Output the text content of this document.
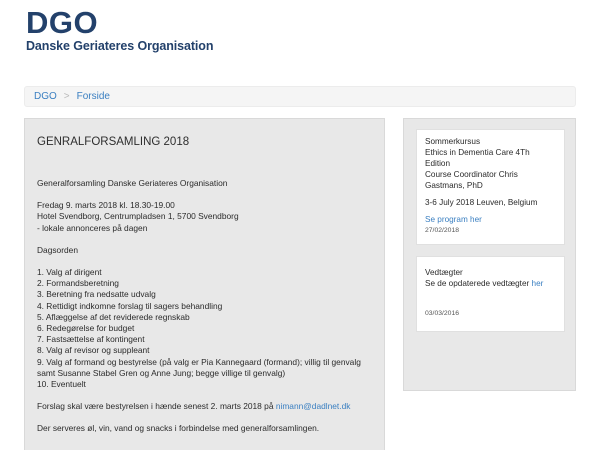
DGO
Danske Geriateres Organisation
DGO > Forside
GENRALFORSAMLING 2018

Generalforsamling Danske Geriateres Organisation

Fredag 9. marts 2018 kl. 18.30-19.00
Hotel Svendborg, Centrumpladsen 1, 5700 Svendborg
- lokale annonceres på dagen

Dagsorden

1. Valg af dirigent
2. Formandsberetning
3. Beretning fra nedsatte udvalg
4. Rettidigt indkomne forslag til sagers behandling
5. Aflæggelse af det reviderede regnskab
6. Redegørelse for budget
7. Fastsættelse af kontingent
8. Valg af revisor og suppleant
9. Valg af formand og bestyrelse (på valg er Pia Kannegaard (formand); villig til genvalg samt Susanne Stabel Gren og Anne Jung; begge villige til genvalg)
10. Eventuelt

Forslag skal være bestyrelsen i hænde senest 2. marts 2018 på nimann@dadlnet.dk

Der serveres øl, vin, vand og snacks i forbindelse med generalforsamlingen.

Sommerkursus
Ethics in Dementia Care 4Th Edition
Course Coordinator Chris Gastmans, PhD
3-6 July 2018 Leuven, Belgium
Se program her
27/02/2018
Vedtægter
Se de opdaterede vedtægter her
03/03/2016
